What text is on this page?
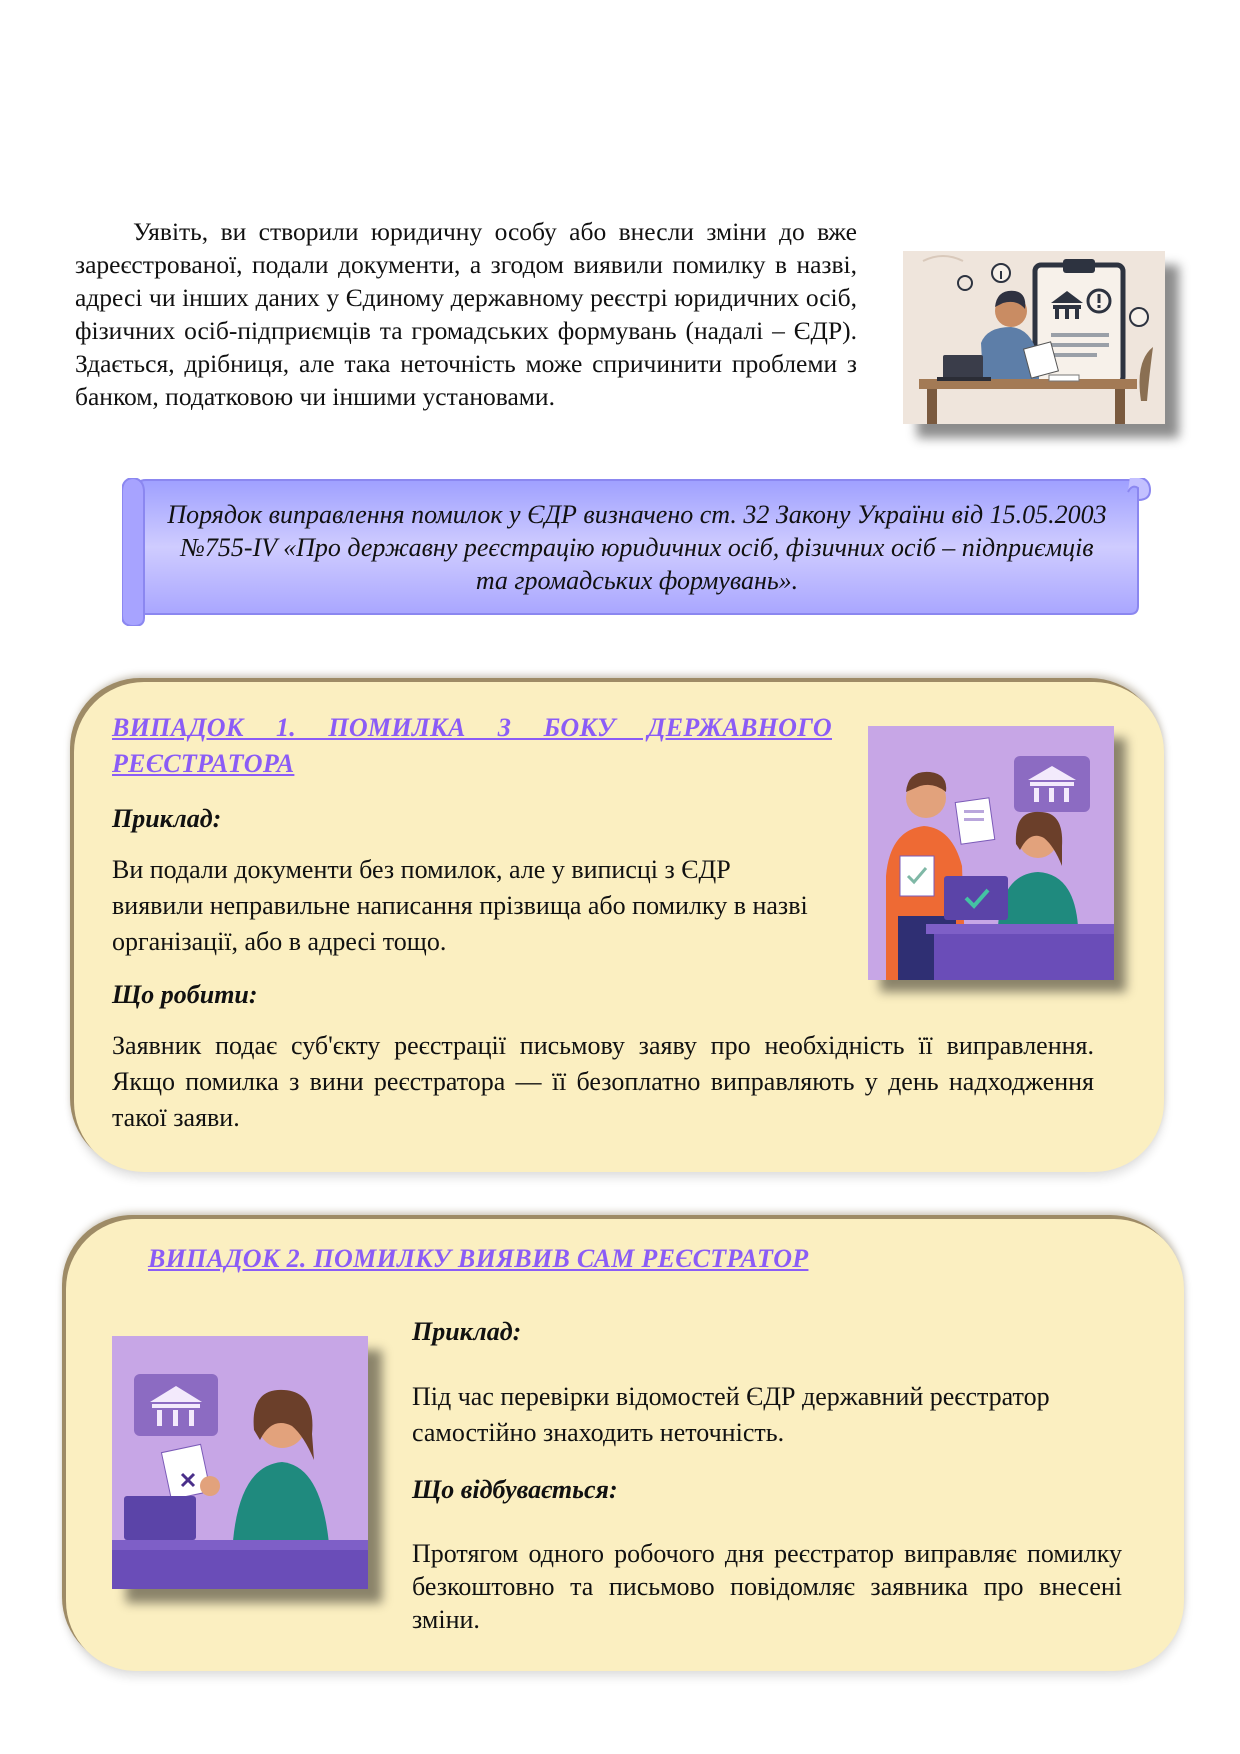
Уявіть, ви створили юридичну особу або внесли зміни до вже зареєстрованої, подали документи, а згодом виявили помилку в назві, адресі чи інших даних у Єдиному державному реєстрі юридичних осіб, фізичних осіб-підприємців та громадських формувань (надалі – ЄДР). Здається, дрібниця, але така неточність може спричинити проблеми з банком, податковою чи іншими установами.

Порядок виправлення помилок у ЄДР визначено ст. 32 Закону України від 15.05.2003 №755-IV «Про державну реєстрацію юридичних осіб, фізичних осіб – підприємців та громадських формувань».

ВИПАДОК 1. ПОМИЛКА З БОКУ ДЕРЖАВНОГО РЕЄСТРАТОРА

Приклад:

Ви подали документи без помилок, але у виписці з ЄДР виявили неправильне написання прізвища або помилку в назві організації, або в адресі тощо.

Що робити:

Заявник подає суб'єкту реєстрації письмову заяву про необхідність її виправлення. Якщо помилка з вини реєстратора — її безоплатно виправляють у день надходження такої заяви.

ВИПАДОК 2. ПОМИЛКУ ВИЯВИВ САМ РЕЄСТРАТОР

Приклад:

Під час перевірки відомостей ЄДР державний реєстратор самостійно знаходить неточність.

Що відбувається:

Протягом одного робочого дня реєстратор виправляє помилку безкоштовно та письмово повідомляє заявника про внесені зміни.
